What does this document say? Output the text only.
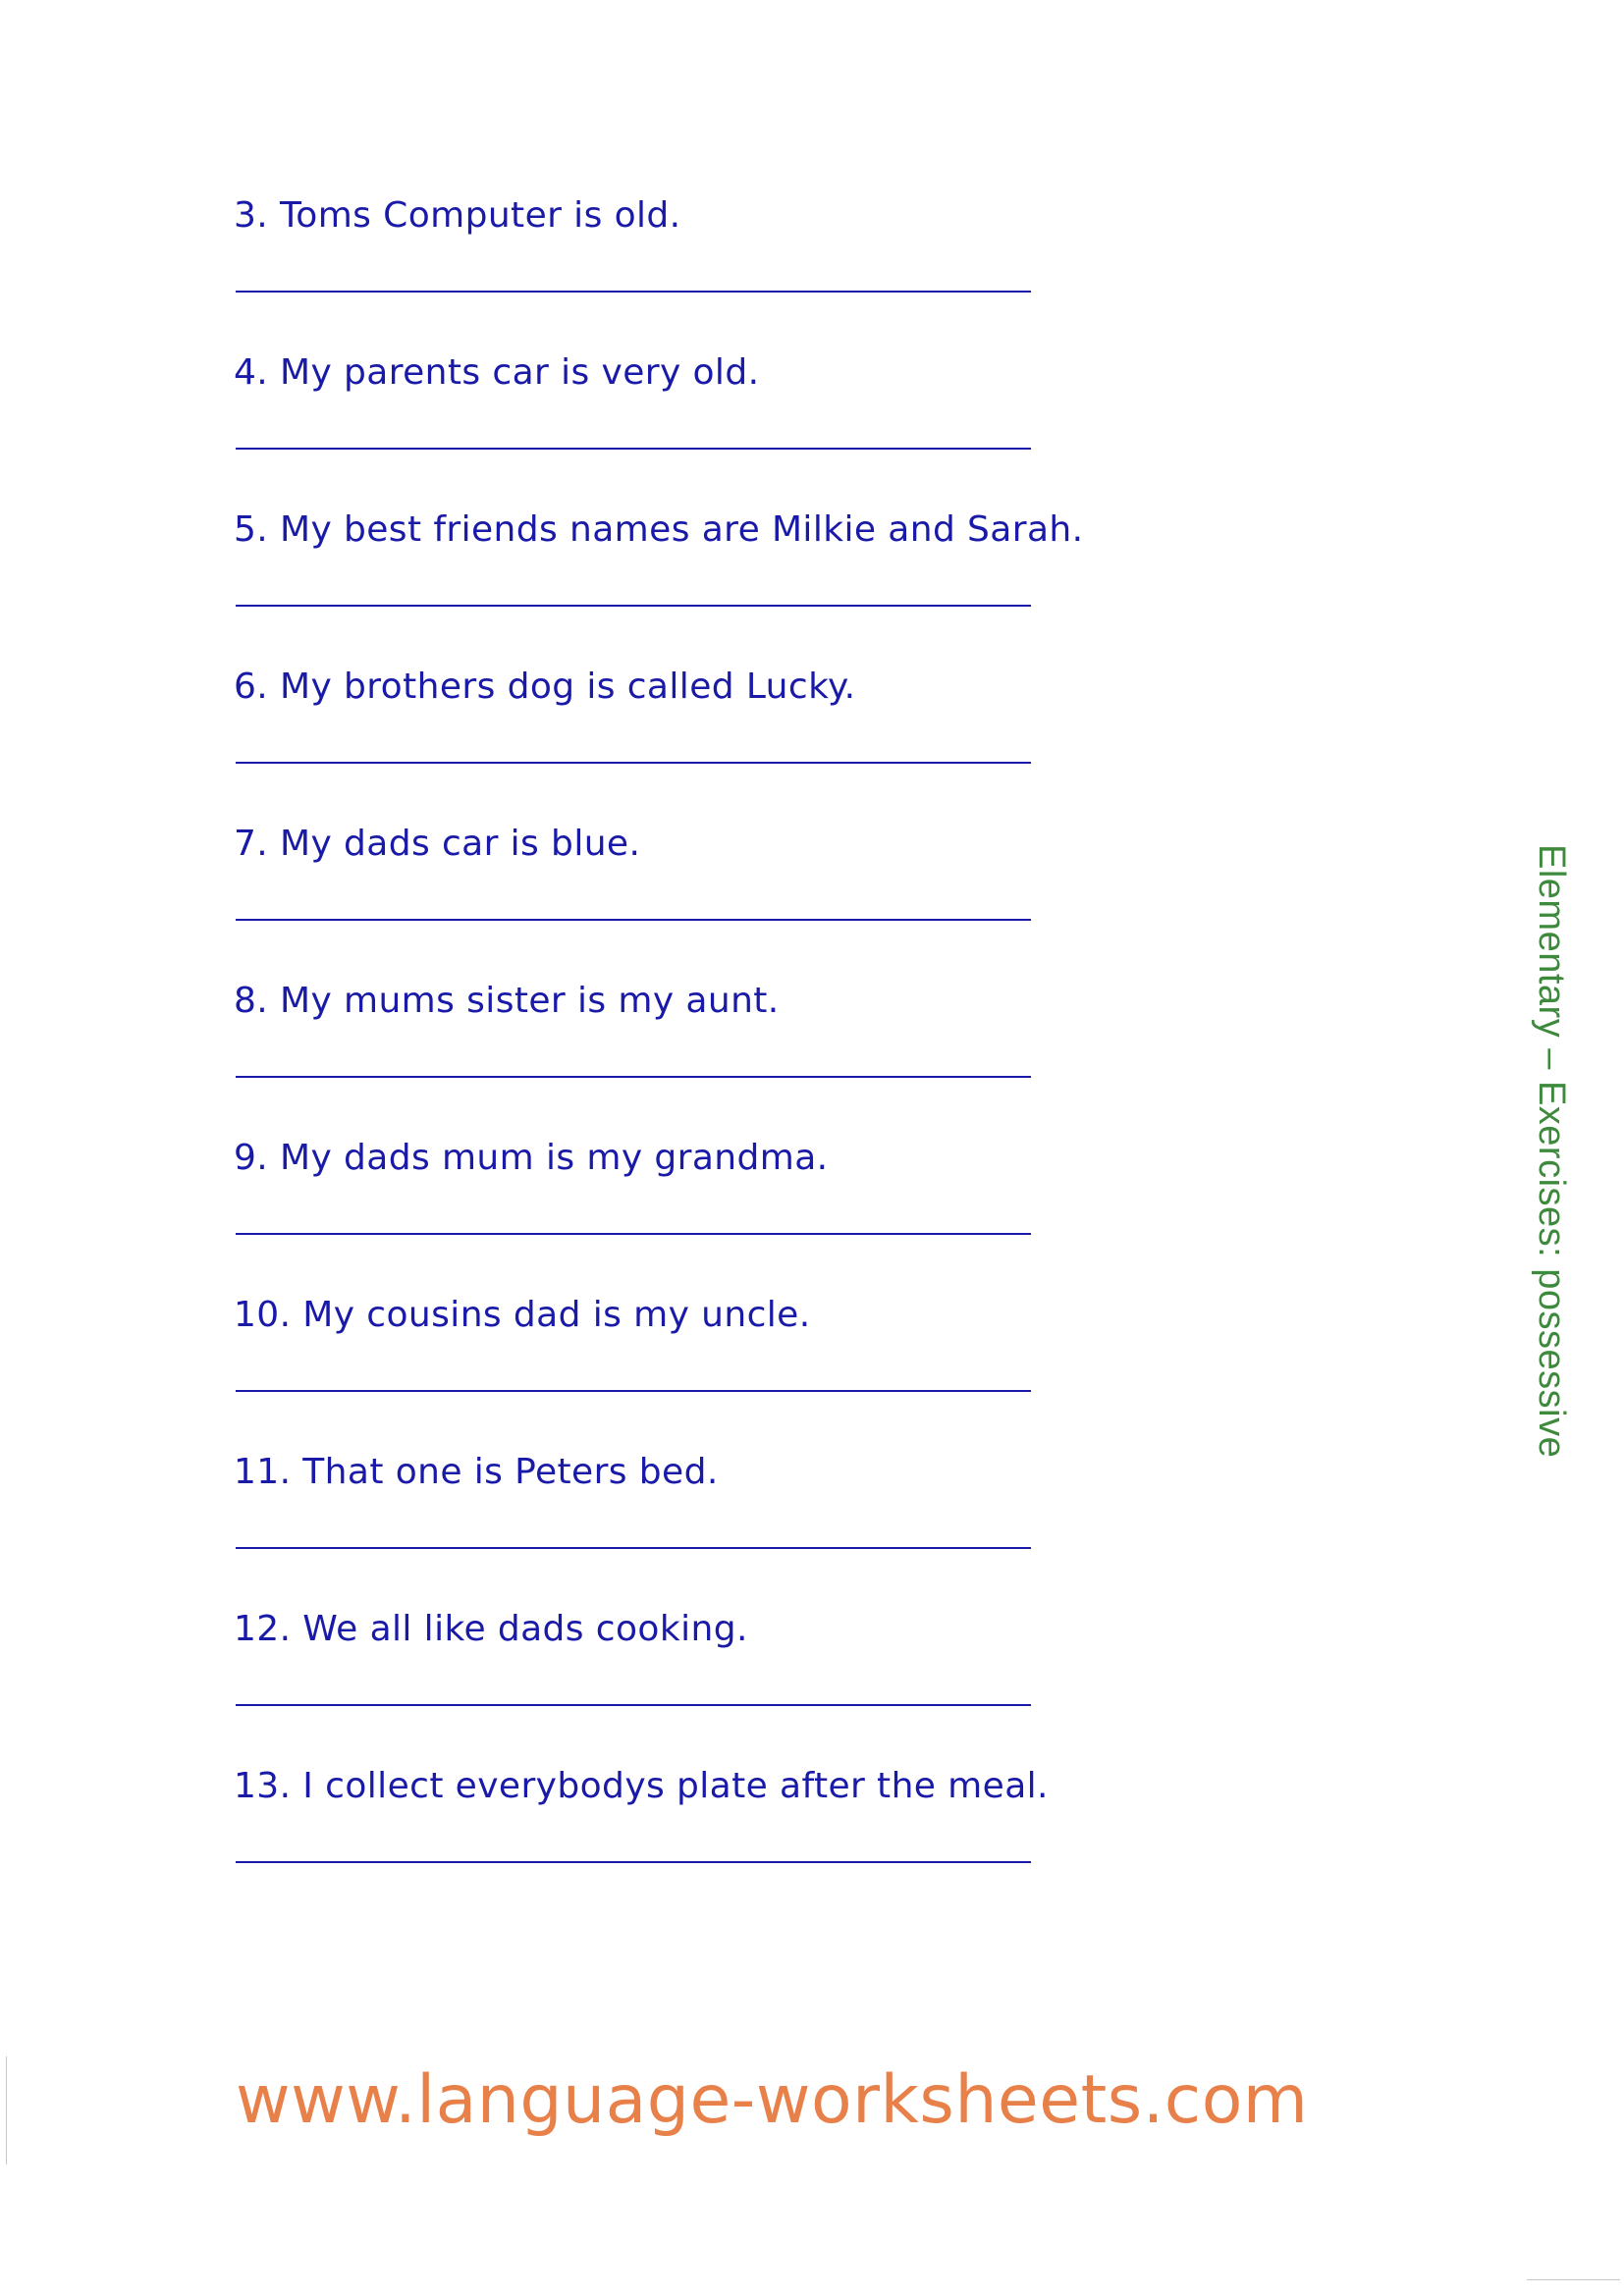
3. Toms Computer is old.
4. My parents car is very old.
5. My best friends names are Milkie and Sarah.
6. My brothers dog is called Lucky.
7. My dads car is blue.
8. My mums sister is my aunt.
9. My dads mum is my grandma.
10. My cousins dad is my uncle.
11. That one is Peters bed.
12. We all like dads cooking.
13. I collect everybodys plate after the meal.
Elementary – Exercises: possessive
www.language-worksheets.com
